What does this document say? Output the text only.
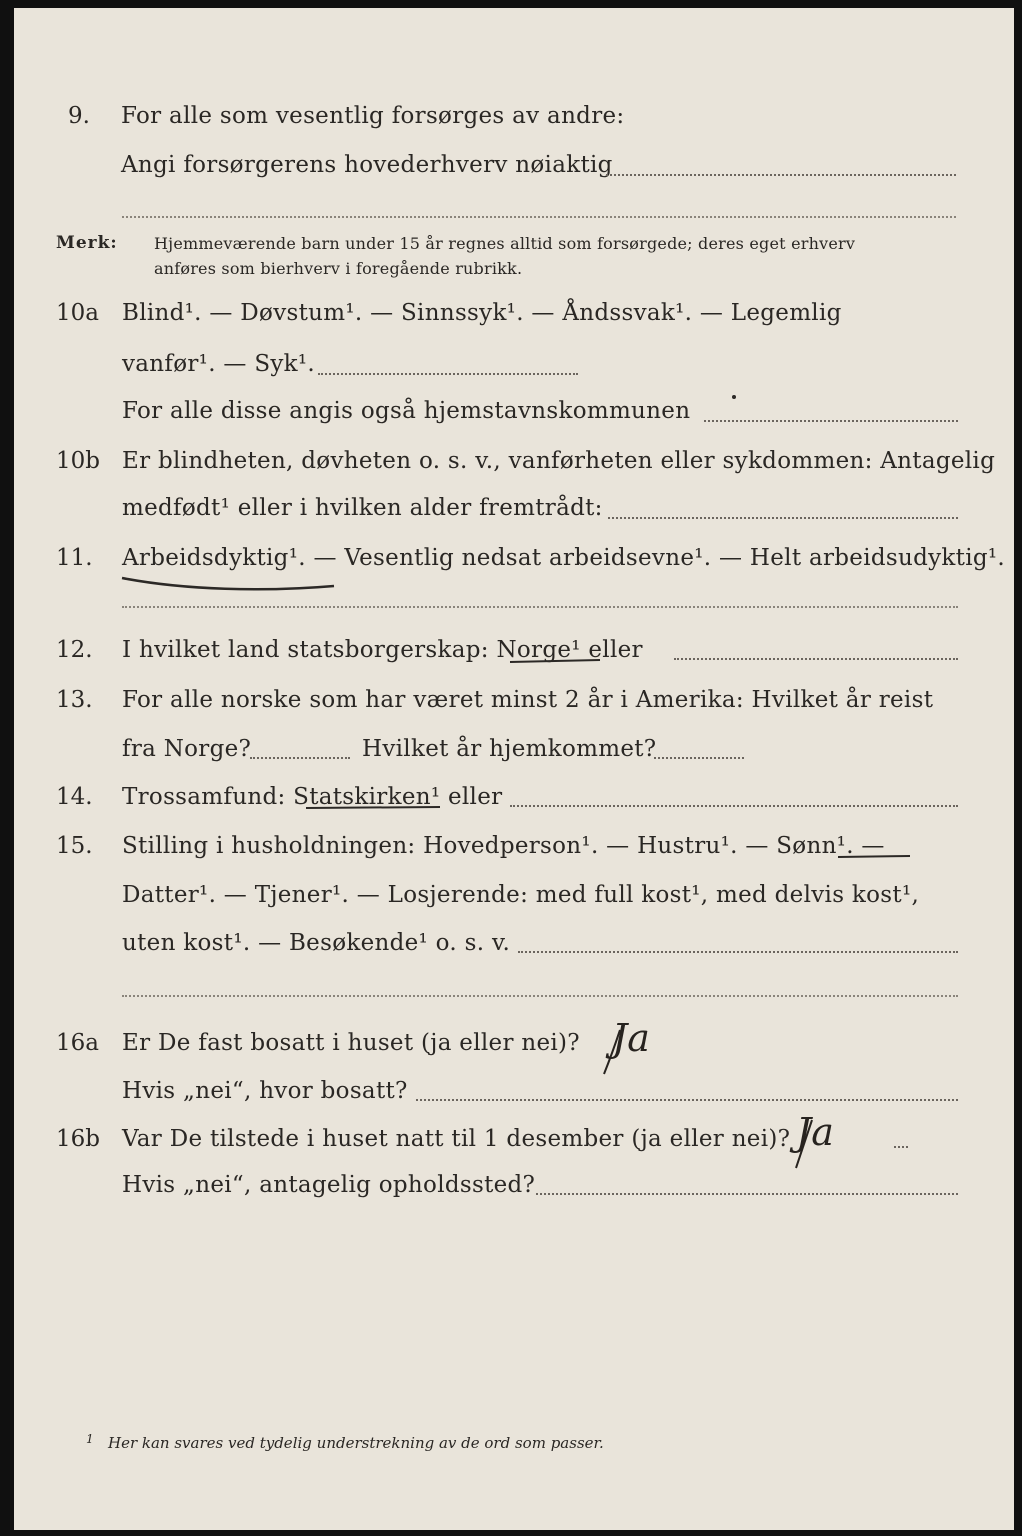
9. For alle som vesentlig forsørges av andre:
Angi forsørgerens hovederhverv nøiaktig
Merk: Hjemmeværende barn under 15 år regnes alltid som forsørgede; deres eget erhverv
anføres som bierhverv i foregående rubrikk.
10a Blind¹. — Døvstum¹. — Sinnssyk¹. — Åndssvak¹. — Legemlig
vanfør¹. — Syk¹.
For alle disse angis også hjemstavnskommunen
10b Er blindheten, døvheten o. s. v., vanførheten eller sykdommen: Antagelig
medfødt¹ eller i hvilken alder fremtrådt:
11. Arbeidsdyktig¹. — Vesentlig nedsat arbeidsevne¹. — Helt arbeidsudyktig¹.
12. I hvilket land statsborgerskap: Norge¹ eller
13. For alle norske som har været minst 2 år i Amerika: Hvilket år reist
fra Norge?	Hvilket år hjemkommet?
14. Trossamfund: Statskirken¹ eller
15. Stilling i husholdningen: Hovedperson¹. — Hustru¹. — Sønn¹. —
Datter¹. — Tjener¹. — Losjerende: med full kost¹, med delvis kost¹,
uten kost¹. — Besøkende¹ o. s. v.
16a Er De fast bosatt i huset (ja eller nei)? Ja
Hvis „nei“, hvor bosatt?
16b Var De tilstede i huset natt til 1 desember (ja eller nei)? Ja
Hvis „nei“, antagelig opholdssted?
1 Her kan svares ved tydelig understrekning av de ord som passer.
